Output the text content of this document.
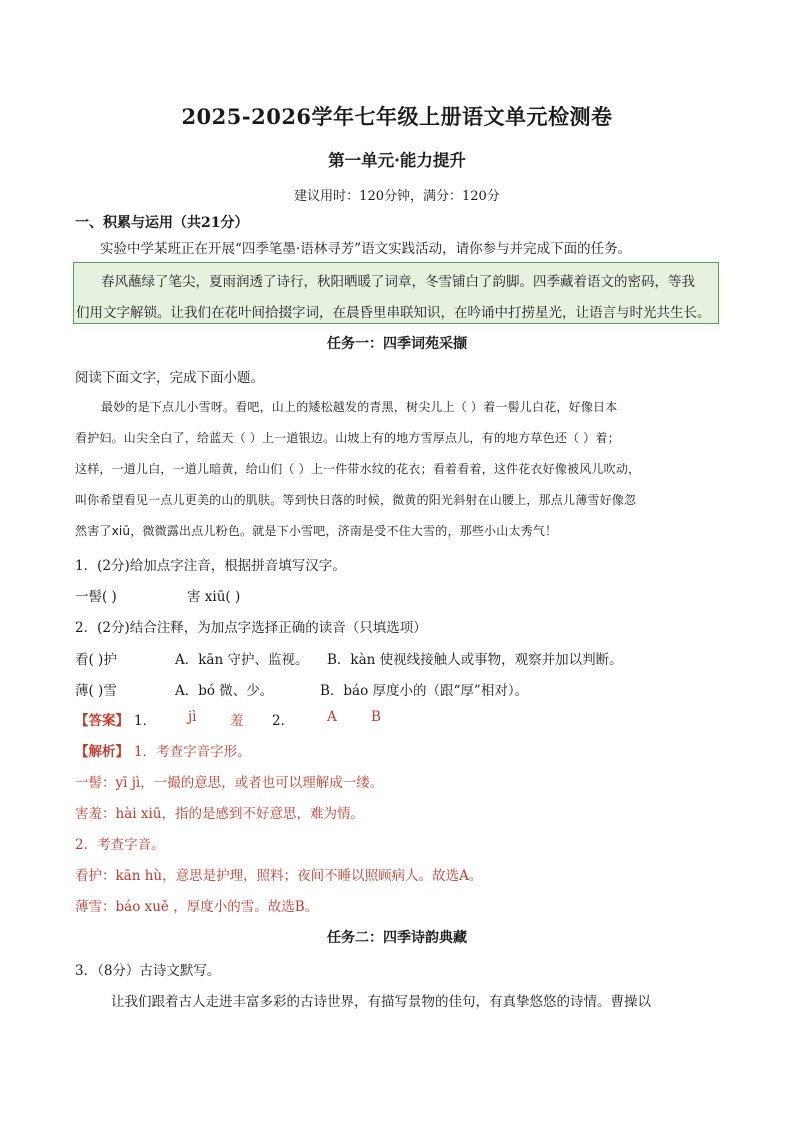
2025-2026学年七年级上册语文单元检测卷
第一单元·能力提升
建议用时：120分钟，满分：120分
一、积累与运用（共21分）
实验中学某班正在开展“四季笔墨·语林寻芳”语文实践活动，请你参与并完成下面的任务。
春风蘸绿了笔尖，夏雨润透了诗行，秋阳晒暖了词章，冬雪铺白了韵脚。四季藏着语文的密码，等我
们用文字解锁。让我们在花叶间拾掇字词，在晨昏里串联知识，在吟诵中打捞星光，让语言与时光共生长。
任务一：四季词苑采撷
阅读下面文字，完成下面小题。
最妙的是下点儿小雪呀。看吧，山上的矮松越发的青黑，树尖儿上（ ）着一髻儿白花，好像日本
看护妇。山尖全白了，给蓝天（ ）上一道银边。山坡上有的地方雪厚点儿，有的地方草色还（ ）着；
这样，一道儿白，一道儿暗黄，给山们（ ）上一件带水纹的花衣；看着看着，这件花衣好像被风儿吹动，
叫你希望看见一点儿更美的山的肌肤。等到快日落的时候，微黄的阳光斜射在山腰上，那点儿薄雪好像忽
然害了xiū，微微露出点儿粉色。就是下小雪吧，济南是受不住大雪的，那些小山太秀气！
1．(2分)给加点字注音，根据拼音填写汉字。
一髻( )	害 xiū( )
2．(2分)结合注释，为加点字选择正确的读音（只填选项）
看( )护	A．kān 守护、监视。 B．kàn 使视线接触人或事物，观察并加以判断。
薄( )雪	A．bó 微、少。	B．báo 厚度小的（跟“厚”相对）。
【答案】 1． jì 羞 2． A	B
【解析】 1．考查字音字形。
一髻：yī jì，一撮的意思，或者也可以理解成一缕。
害羞：hài xiū，指的是感到不好意思，难为情。
2．考查字音。
看护：kān hù，意思是护理，照料；夜间不睡以照顾病人。故选A。
薄雪：báo xuě ，厚度小的雪。故选B。
任务二：四季诗韵典藏
3．（8分）古诗文默写。
让我们跟着古人走进丰富多彩的古诗世界，有描写景物的佳句，有真挚悠悠的诗情。曹操以
